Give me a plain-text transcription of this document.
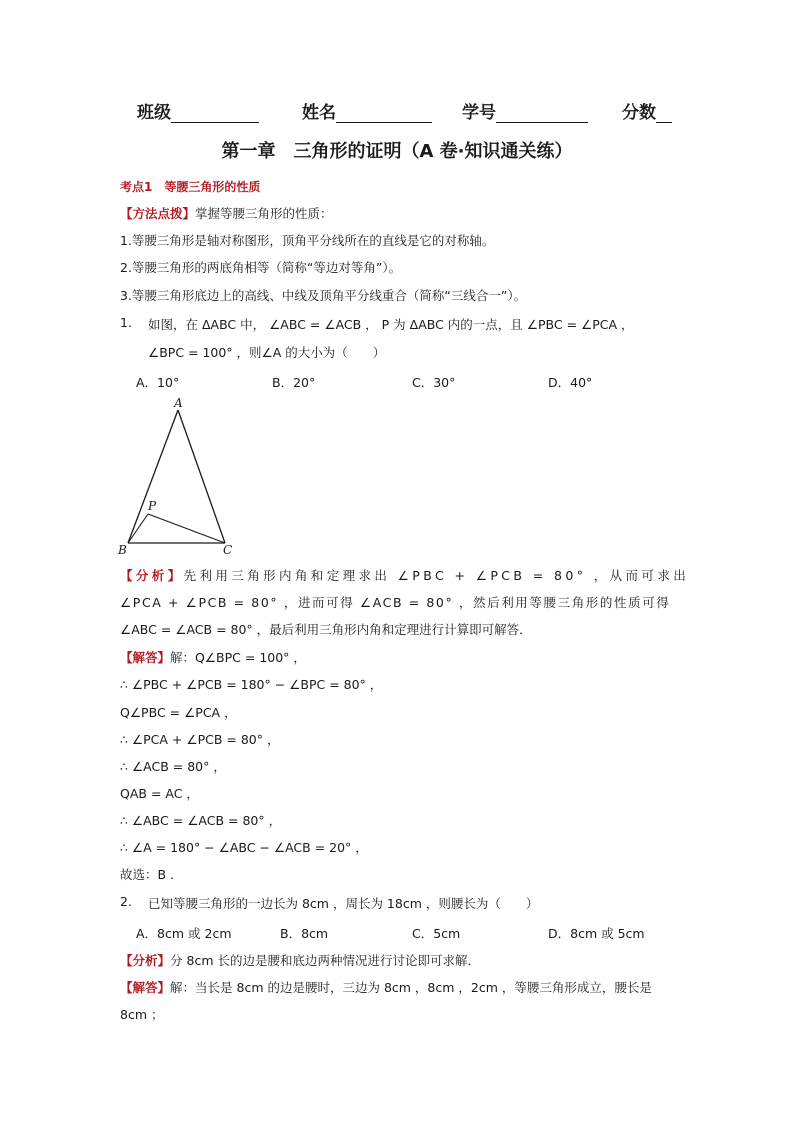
班级	姓名	学号	分数
第一章　三角形的证明（A 卷·知识通关练）
考点1　等腰三角形的性质
【方法点拨】掌握等腰三角形的性质：
1.等腰三角形是轴对称图形，顶角平分线所在的直线是它的对称轴。
2.等腰三角形的两底角相等（简称“等边对等角”）。
3.等腰三角形底边上的高线、中线及顶角平分线重合（简称“三线合一”）。
1. 如图，在 ΔABC 中， ∠ABC = ∠ACB ， P 为 ΔABC 内的一点，且 ∠PBC = ∠PCA ，
∠BPC = 100° ，则∠A 的大小为（　　）
A．10°	B．20°	C．30°	D．40°
A
B	C
P
【分析】先利用三角形内角和定理求出 ∠PBC + ∠PCB = 80° ，从而可求出
∠PCA + ∠PCB = 80° ，进而可得 ∠ACB = 80° ，然后利用等腰三角形的性质可得
∠ABC = ∠ACB = 80° ，最后利用三角形内角和定理进行计算即可解答．
【解答】解：Q∠BPC = 100° ，
∴ ∠PBC + ∠PCB = 180° − ∠BPC = 80° ，
Q∠PBC = ∠PCA ，
∴ ∠PCA + ∠PCB = 80° ，
∴ ∠ACB = 80° ，
QAB = AC ，
∴ ∠ABC = ∠ACB = 80° ，
∴ ∠A = 180° − ∠ABC − ∠ACB = 20° ，
故选：B ．
2. 已知等腰三角形的一边长为 8cm ，周长为 18cm ，则腰长为（　　）
A．8cm 或 2cm	B．8cm	C．5cm	D．8cm 或 5cm
【分析】分 8cm 长的边是腰和底边两种情况进行讨论即可求解．
【解答】解：当长是 8cm 的边是腰时，三边为 8cm ，8cm ，2cm ，等腰三角形成立，腰长是
8cm ；
